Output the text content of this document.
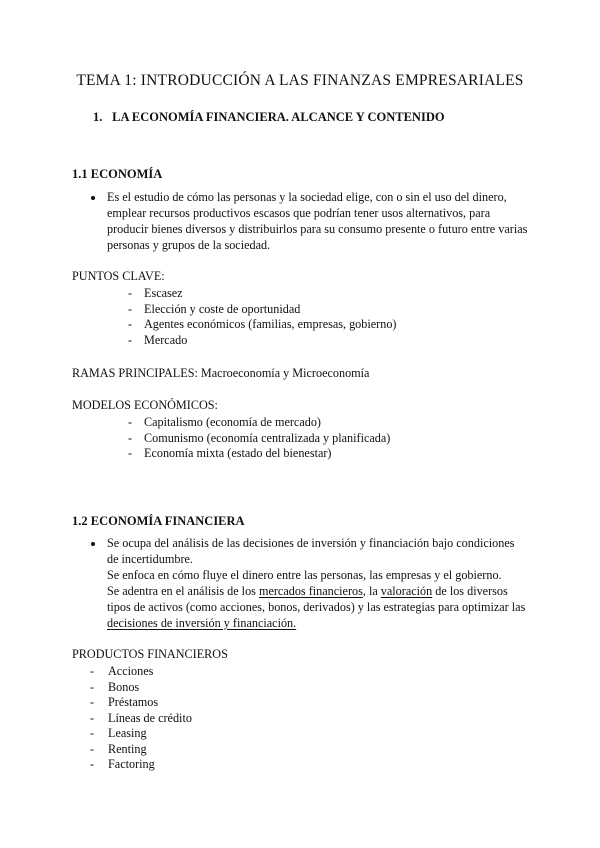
TEMA 1: INTRODUCCIÓN A LAS FINANZAS EMPRESARIALES
1. LA ECONOMÍA FINANCIERA. ALCANCE Y CONTENIDO
1.1 ECONOMÍA
Es el estudio de cómo las personas y la sociedad elige, con o sin el uso del dinero,
emplear recursos productivos escasos que podrían tener usos alternativos, para
producir bienes diversos y distribuirlos para su consumo presente o futuro entre varias
personas y grupos de la sociedad.
PUNTOS CLAVE:
- Escasez
- Elección y coste de oportunidad
- Agentes económicos (familias, empresas, gobierno)
- Mercado
RAMAS PRINCIPALES: Macroeconomía y Microeconomía
MODELOS ECONÓMICOS:
- Capitalismo (economía de mercado)
- Comunismo (economía centralizada y planificada)
- Economía mixta (estado del bienestar)
1.2 ECONOMÍA FINANCIERA
Se ocupa del análisis de las decisiones de inversión y financiación bajo condiciones
de incertidumbre.
Se enfoca en cómo fluye el dinero entre las personas, las empresas y el gobierno.
Se adentra en el análisis de los mercados financieros, la valoración de los diversos
tipos de activos (como acciones, bonos, derivados) y las estrategias para optimizar las
decisiones de inversión y financiación.
PRODUCTOS FINANCIEROS
- Acciones
- Bonos
- Préstamos
- Líneas de crédito
- Leasing
- Renting
- Factoring
